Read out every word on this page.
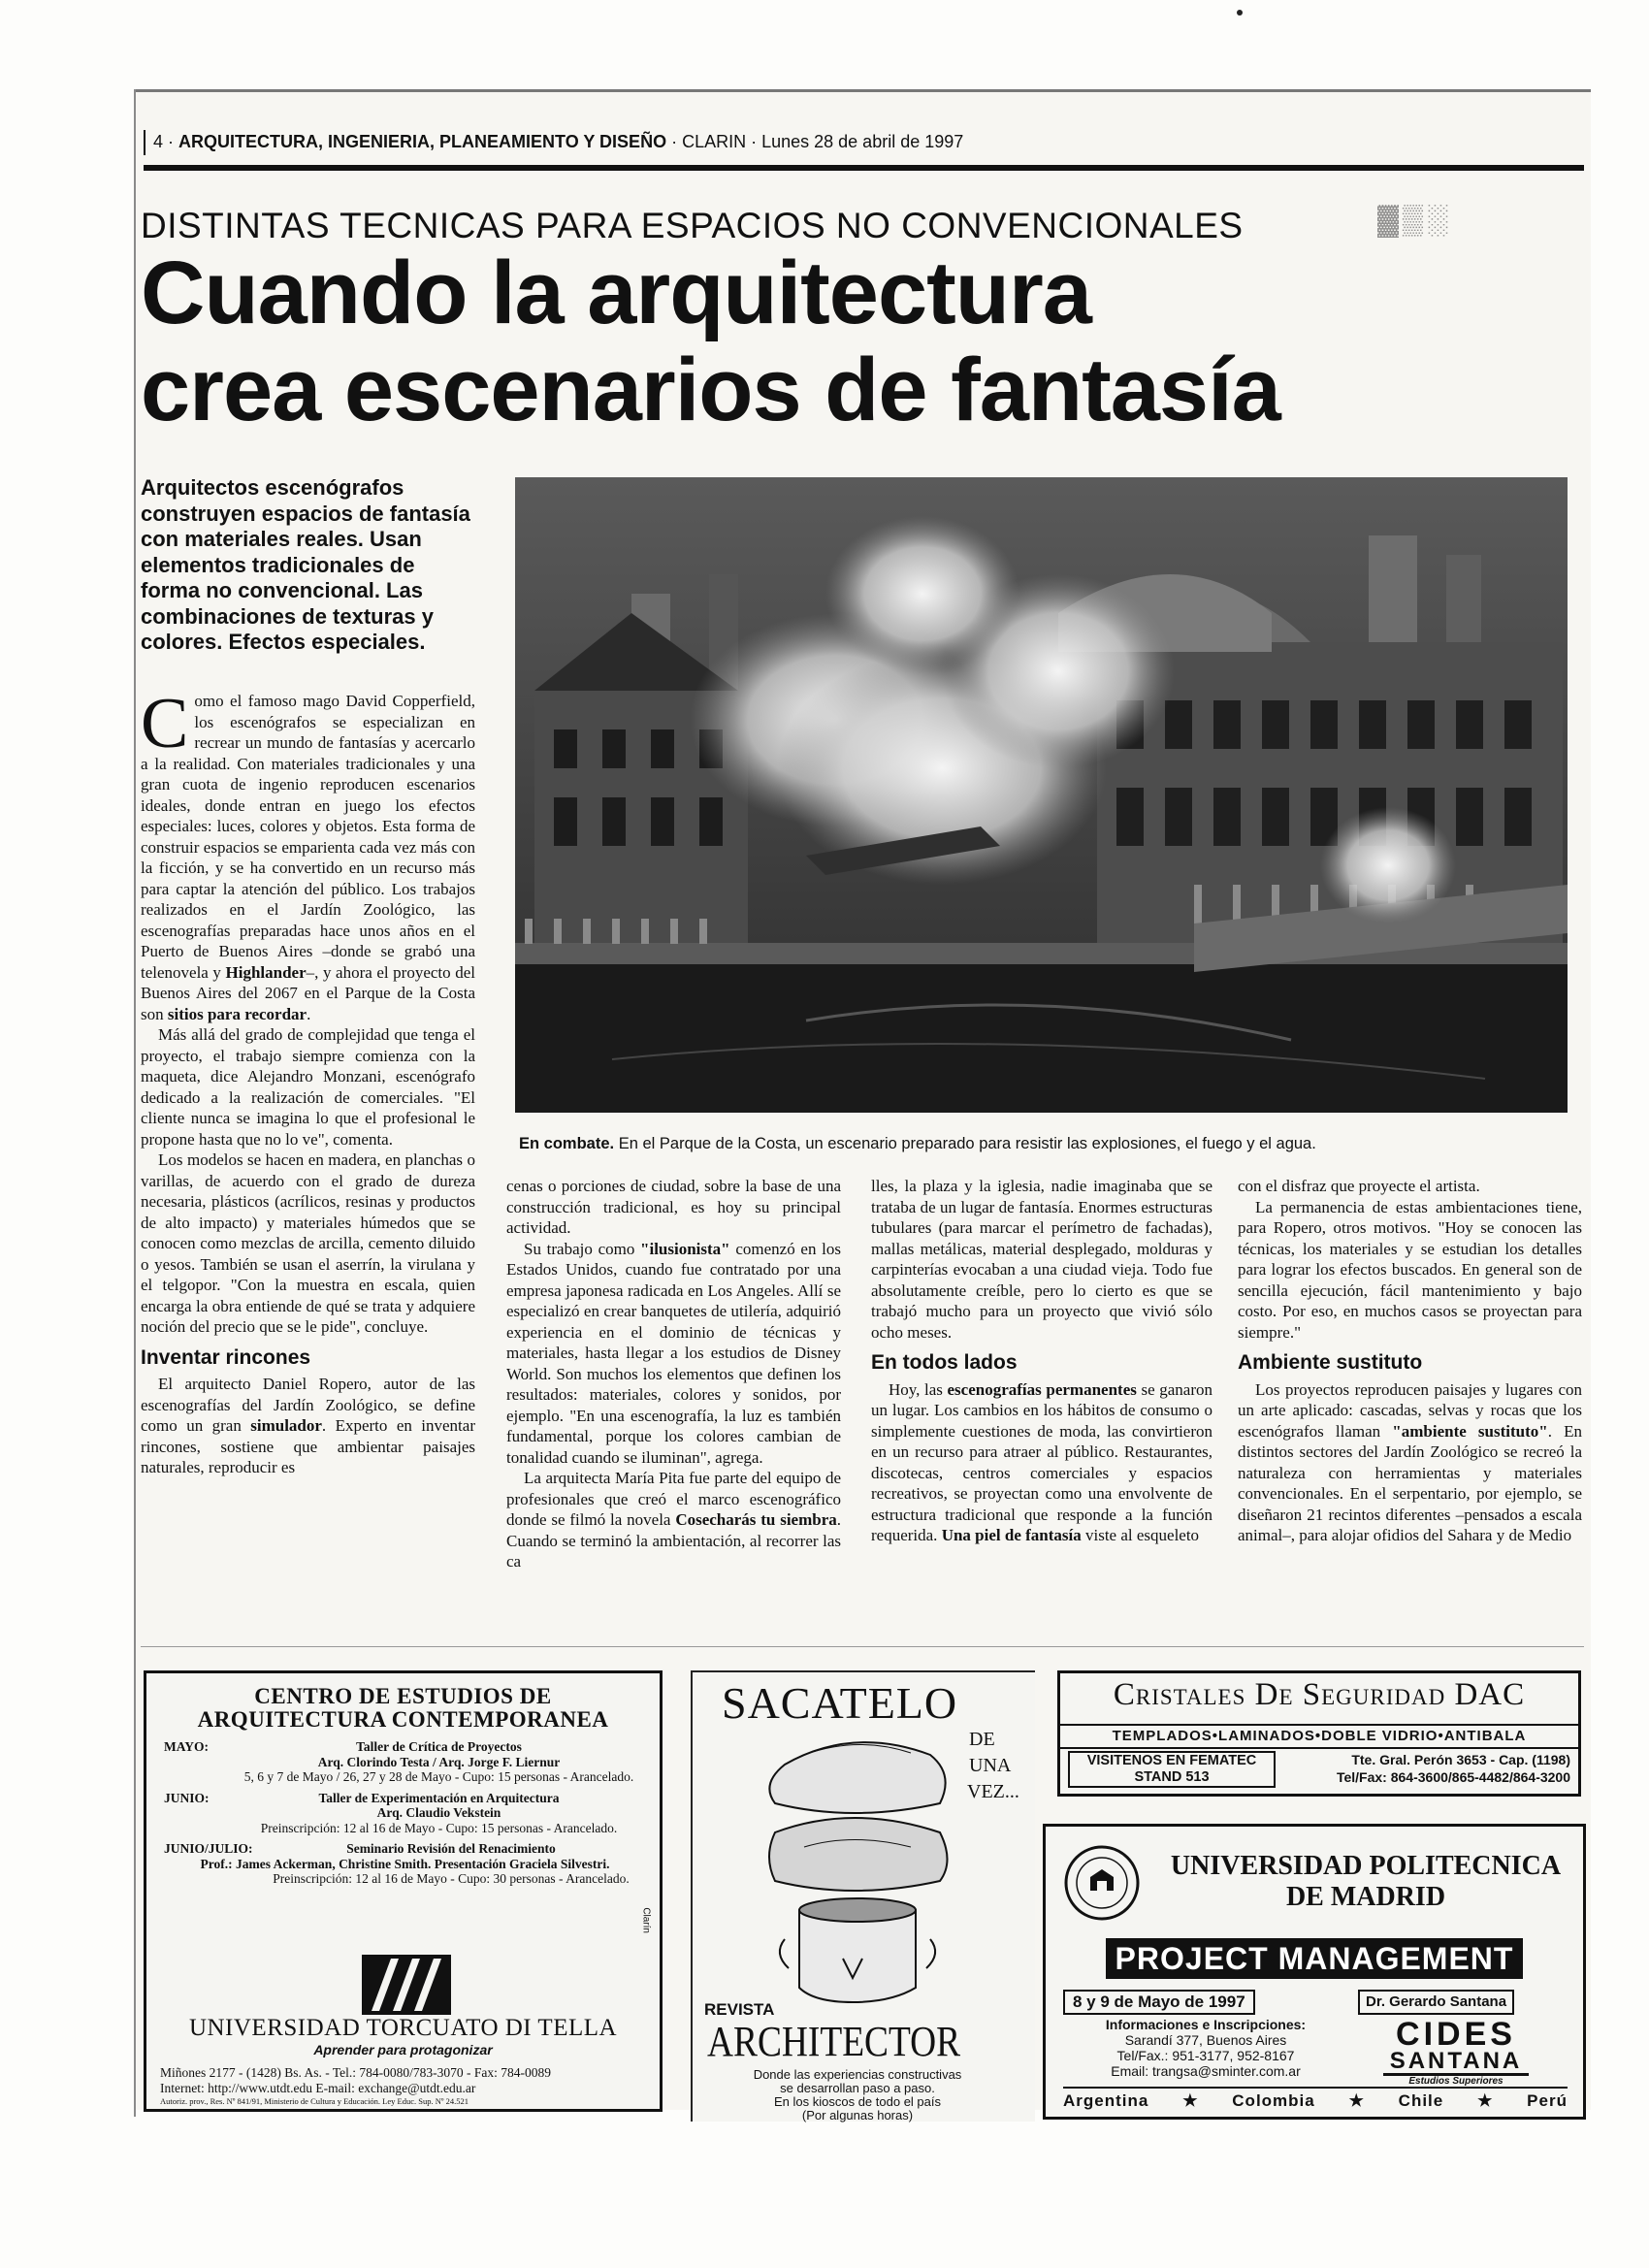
4 · ARQUITECTURA, INGENIERIA, PLANEAMIENTO Y DISEÑO · CLARIN · Lunes 28 de abril de 1997
DISTINTAS TECNICAS PARA ESPACIOS NO CONVENCIONALES	▓▒░
Cuando la arquitectura
crea escenarios de fantasía
Arquitectos escenógrafos construyen espacios de fantasía con materiales reales. Usan elementos tradicionales de forma no convencional. Las combinaciones de texturas y colores. Efectos especiales.
En combate. En el Parque de la Costa, un escenario preparado para resistir las explosiones, el fuego y el agua.

Como el famoso mago David Copperfield, los escenógrafos se especializan en recrear un mundo de fantasías y acercarlo a la realidad. Con materiales tradicionales y una gran cuota de ingenio reproducen escenarios ideales, donde entran en juego los efectos especiales: luces, colores y objetos. Esta forma de construir espacios se emparienta cada vez más con la ficción, y se ha convertido en un recurso más para captar la atención del público. Los trabajos realizados en el Jardín Zoológico, las escenografías preparadas hace unos años en el Puerto de Buenos Aires –donde se grabó una telenovela y Highlander–, y ahora el proyecto del Buenos Aires del 2067 en el Parque de la Costa son sitios para recordar.

Más allá del grado de complejidad que tenga el proyecto, el trabajo siempre comienza con la maqueta, dice Alejandro Monzani, escenógrafo dedicado a la realización de comerciales. "El cliente nunca se imagina lo que el profesional le propone hasta que no lo ve", comenta.

Los modelos se hacen en madera, en planchas o varillas, de acuerdo con el grado de dureza necesaria, plásticos (acrílicos, resinas y productos de alto impacto) y materiales húmedos que se conocen como mezclas de arcilla, cemento diluido o yesos. También se usan el aserrín, la virulana y el telgopor. "Con la muestra en escala, quien encarga la obra entiende de qué se trata y adquiere noción del precio que se le pide", concluye.

Inventar rincones

El arquitecto Daniel Ropero, autor de las escenografías del Jardín Zoológico, se define como un gran simulador. Experto en inventar rincones, sostiene que ambientar paisajes naturales, reproducir es

cenas o porciones de ciudad, sobre la base de una construcción tradicional, es hoy su principal actividad.

Su trabajo como "ilusionista" comenzó en los Estados Unidos, cuando fue contratado por una empresa japonesa radicada en Los Angeles. Allí se especializó en crear banquetes de utilería, adquirió experiencia en el dominio de técnicas y materiales, hasta llegar a los estudios de Disney World. Son muchos los elementos que definen los resultados: materiales, colores y sonidos, por ejemplo. "En una escenografía, la luz es también fundamental, porque los colores cambian de tonalidad cuando se iluminan", agrega.

La arquitecta María Pita fue parte del equipo de profesionales que creó el marco escenográfico donde se filmó la novela Cosecharás tu siembra. Cuando se terminó la ambientación, al recorrer las ca

lles, la plaza y la iglesia, nadie imaginaba que se trataba de un lugar de fantasía. Enormes estructuras tubulares (para marcar el perímetro de fachadas), mallas metálicas, material desplegado, molduras y carpinterías evocaban a una ciudad vieja. Todo fue absolutamente creíble, pero lo cierto es que se trabajó mucho para un proyecto que vivió sólo ocho meses.

En todos lados

Hoy, las escenografías permanentes se ganaron un lugar. Los cambios en los hábitos de consumo o simplemente cuestiones de moda, las convirtieron en un recurso para atraer al público. Restaurantes, discotecas, centros comerciales y espacios recreativos, se proyectan como una envolvente de estructura tradicional que responde a la función requerida. Una piel de fantasía viste al esqueleto

con el disfraz que proyecte el artista.

La permanencia de estas ambientaciones tiene, para Ropero, otros motivos. "Hoy se conocen las técnicas, los materiales y se estudian los detalles para lograr los efectos buscados. En general son de sencilla ejecución, fácil mantenimiento y bajo costo. Por eso, en muchos casos se proyectan para siempre."

Ambiente sustituto

Los proyectos reproducen paisajes y lugares con un arte aplicado: cascadas, selvas y rocas que los escenógrafos llaman "ambiente sustituto". En distintos sectores del Jardín Zoológico se recreó la naturaleza con herramientas y materiales convencionales. En el serpentario, por ejemplo, se diseñaron 21 recintos diferentes –pensados a escala animal–, para alojar ofidios del Sahara y de Medio

CENTRO DE ESTUDIOS DE
ARQUITECTURA CONTEMPORANEA
MAYO:	Taller de Crítica de Proyectos
Arq. Clorindo Testa / Arq. Jorge F. Liernur
5, 6 y 7 de Mayo / 26, 27 y 28 de Mayo - Cupo: 15 personas - Arancelado.
JUNIO:	Taller de Experimentación en Arquitectura
Arq. Claudio Vekstein
Preinscripción: 12 al 16 de Mayo - Cupo: 15 personas - Arancelado.
JUNIO/JULIO:	Seminario Revisión del Renacimiento
Prof.: James Ackerman, Christine Smith. Presentación Graciela Silvestri.
Preinscripción: 12 al 16 de Mayo - Cupo: 30 personas - Arancelado.
Clarín
UNIVERSIDAD TORCUATO DI TELLA
Aprender para protagonizar
Miñones 2177 - (1428) Bs. As. - Tel.: 784-0080/783-3070 - Fax: 784-0089
Internet: http://www.utdt.edu E-mail: exchange@utdt.edu.ar
Autoriz. prov., Res. Nº 841/91, Ministerio de Cultura y Educación. Ley Educ. Sup. Nº 24.521
SACATELO
DE
UNA
VEZ...
REVISTA
ARCHITECTOR
Donde las experiencias constructivas
se desarrollan paso a paso.
En los kioscos de todo el país
(Por algunas horas)
Cristales De Seguridad DAC
TEMPLADOS•LAMINADOS•DOBLE VIDRIO•ANTIBALA
VISITENOS EN FEMATEC
STAND 513
Tte. Gral. Perón 3653 - Cap. (1198)
Tel/Fax: 864-3600/865-4482/864-3200
UNIVERSIDAD POLITECNICA
DE MADRID
PROJECT MANAGEMENT
8 y 9 de Mayo de 1997	Dr. Gerardo Santana
Informaciones e Inscripciones:
Sarandí 377, Buenos Aires
Tel/Fax.: 951-3177, 952-8167
Email: trangsa@sminter.com.ar
CIDES
SANTANA
Estudios Superiores
Argentina ★ Colombia ★ Chile ★ Perú
